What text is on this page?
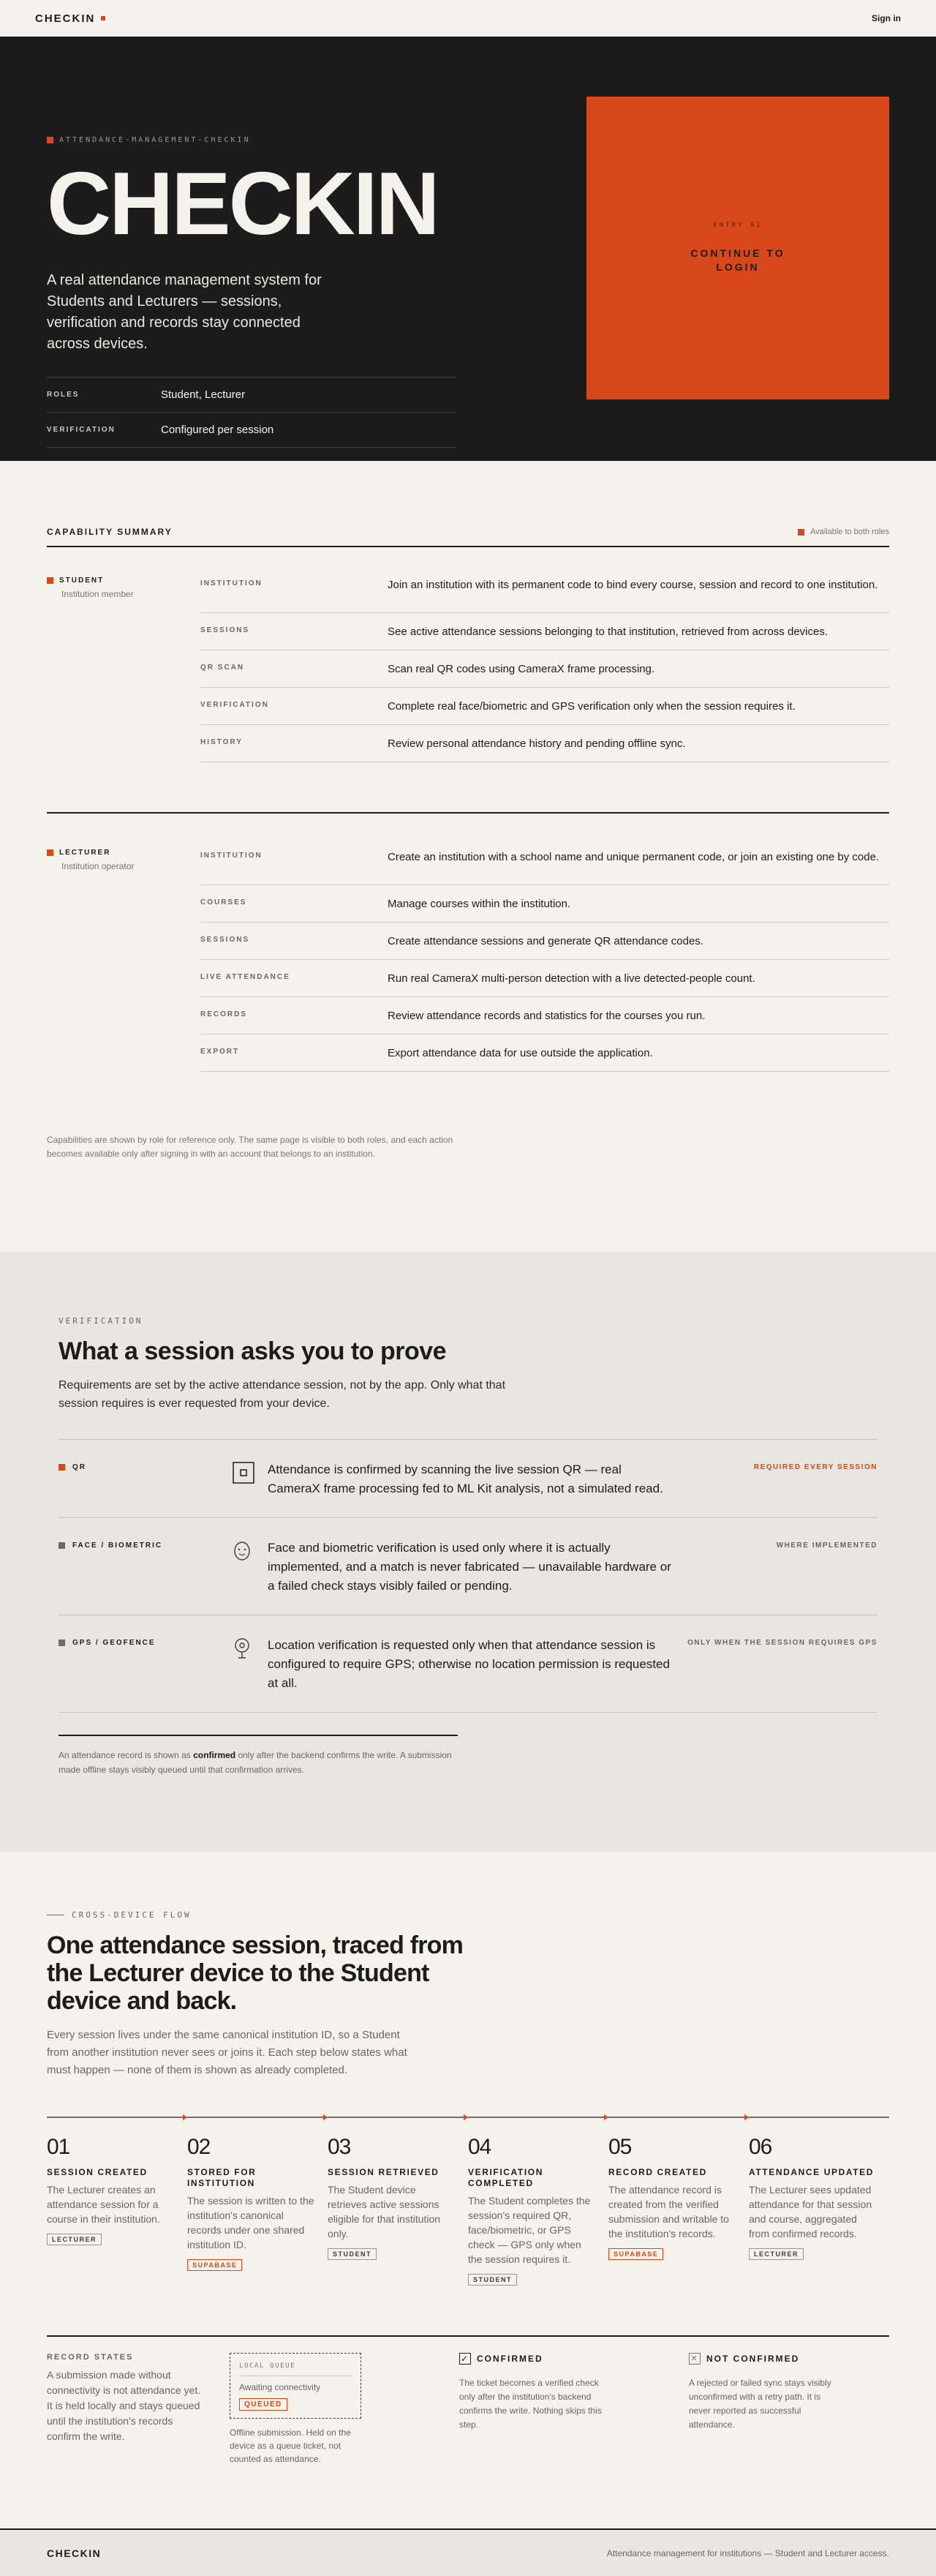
CHECKIN	Sign in
ATTENDANCE-MANAGEMENT-CHECKIN
CHECKIN

A real attendance management system for Students and Lecturers — sessions, verification and records stay connected across devices.

ROLES	Student, Lecturer
VERIFICATION	Configured per session
ENTRY 01
CONTINUE TO
LOGIN
CAPABILITY SUMMARY	Available to both roles
STUDENT
Institution member
INSTITUTION	Join an institution with its permanent code to bind every course, session and record to one institution.
SESSIONS	See active attendance sessions belonging to that institution, retrieved from across devices.
QR SCAN	Scan real QR codes using CameraX frame processing.
VERIFICATION	Complete real face/biometric and GPS verification only when the session requires it.
HISTORY	Review personal attendance history and pending offline sync.
LECTURER
Institution operator
INSTITUTION	Create an institution with a school name and unique permanent code, or join an existing one by code.
COURSES	Manage courses within the institution.
SESSIONS	Create attendance sessions and generate QR attendance codes.
LIVE ATTENDANCE	Run real CameraX multi-person detection with a live detected-people count.
RECORDS	Review attendance records and statistics for the courses you run.
EXPORT	Export attendance data for use outside the application.

Capabilities are shown by role for reference only. The same page is visible to both roles, and each action becomes available only after signing in with an account that belongs to an institution.

VERIFICATION
What a session asks you to prove

Requirements are set by the active attendance session, not by the app. Only what that session requires is ever requested from your device.

QR	Attendance is confirmed by scanning the live session QR — real CameraX frame processing fed to ML Kit analysis, not a simulated read.
REQUIRED EVERY SESSION
FACE / BIOMETRIC	Face and biometric verification is used only where it is actually implemented, and a match is never fabricated — unavailable hardware or a failed check stays visibly failed or pending.
WHERE IMPLEMENTED
GPS / GEOFENCE	Location verification is requested only when that attendance session is configured to require GPS; otherwise no location permission is requested at all.
ONLY WHEN THE SESSION REQUIRES GPS

An attendance record is shown as confirmed only after the backend confirms the write. A submission made offline stays visibly queued until that confirmation arrives.

CROSS-DEVICE FLOW
One attendance session, traced from the Lecturer device to the Student device and back.

Every session lives under the same canonical institution ID, so a Student from another institution never sees or joins it. Each step below states what must happen — none of them is shown as already completed.

01
SESSION CREATED
The Lecturer creates an attendance session for a course in their institution.
LECTURER
02
STORED FOR INSTITUTION
The session is written to the institution's canonical records under one shared institution ID.
SUPABASE
03
SESSION RETRIEVED
The Student device retrieves active sessions eligible for that institution only.
STUDENT
04
VERIFICATION COMPLETED
The Student completes the session's required QR, face/biometric, or GPS check — GPS only when the session requires it.
STUDENT
05
RECORD CREATED
The attendance record is created from the verified submission and writable to the institution's records.
SUPABASE
06
ATTENDANCE UPDATED
The Lecturer sees updated attendance for that session and course, aggregated from confirmed records.
LECTURER
RECORD STATES
A submission made without connectivity is not attendance yet. It is held locally and stays queued until the institution's records confirm the write.
LOCAL QUEUE
Awaiting connectivity
QUEUED
Offline submission. Held on the device as a queue ticket, not counted as attendance.
✓ CONFIRMED
The ticket becomes a verified check only after the institution's backend confirms the write. Nothing skips this step.
✕ NOT CONFIRMED
A rejected or failed sync stays visibly unconfirmed with a retry path. It is never reported as successful attendance.
CHECKIN	Attendance management for institutions — Student and Lecturer access.
